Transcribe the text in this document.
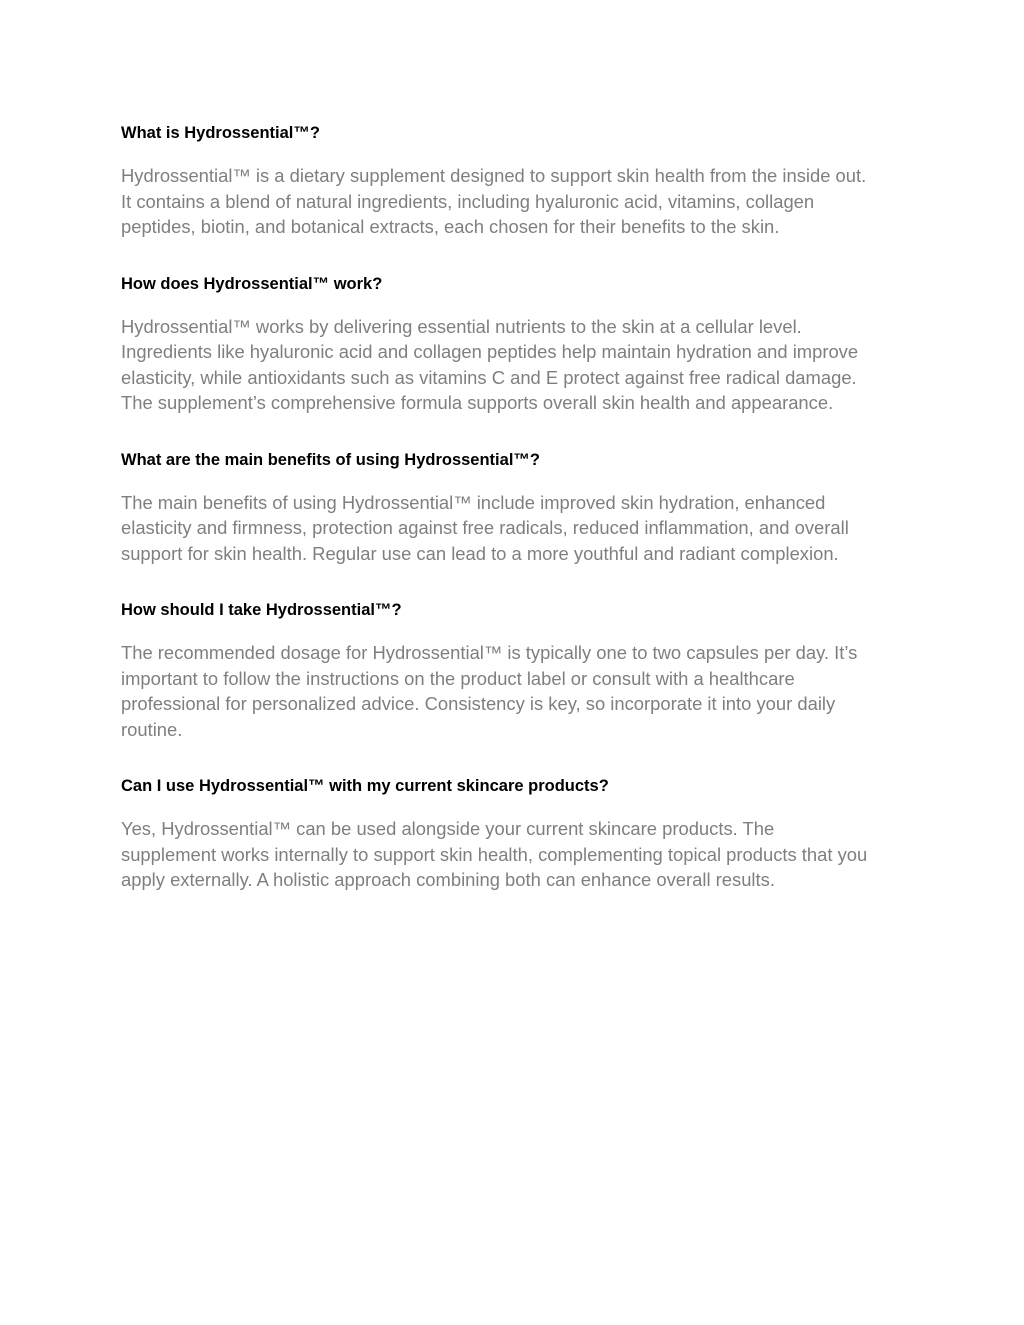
What is Hydrossential™?

Hydrossential™ is a dietary supplement designed to support skin health from the inside out.
It contains a blend of natural ingredients, including hyaluronic acid, vitamins, collagen
peptides, biotin, and botanical extracts, each chosen for their benefits to the skin.

How does Hydrossential™ work?

Hydrossential™ works by delivering essential nutrients to the skin at a cellular level.
Ingredients like hyaluronic acid and collagen peptides help maintain hydration and improve
elasticity, while antioxidants such as vitamins C and E protect against free radical damage.
The supplement’s comprehensive formula supports overall skin health and appearance.

What are the main benefits of using Hydrossential™?

The main benefits of using Hydrossential™ include improved skin hydration, enhanced
elasticity and firmness, protection against free radicals, reduced inflammation, and overall
support for skin health. Regular use can lead to a more youthful and radiant complexion.

How should I take Hydrossential™?

The recommended dosage for Hydrossential™ is typically one to two capsules per day. It’s
important to follow the instructions on the product label or consult with a healthcare
professional for personalized advice. Consistency is key, so incorporate it into your daily
routine.

Can I use Hydrossential™ with my current skincare products?

Yes, Hydrossential™ can be used alongside your current skincare products. The
supplement works internally to support skin health, complementing topical products that you
apply externally. A holistic approach combining both can enhance overall results.
